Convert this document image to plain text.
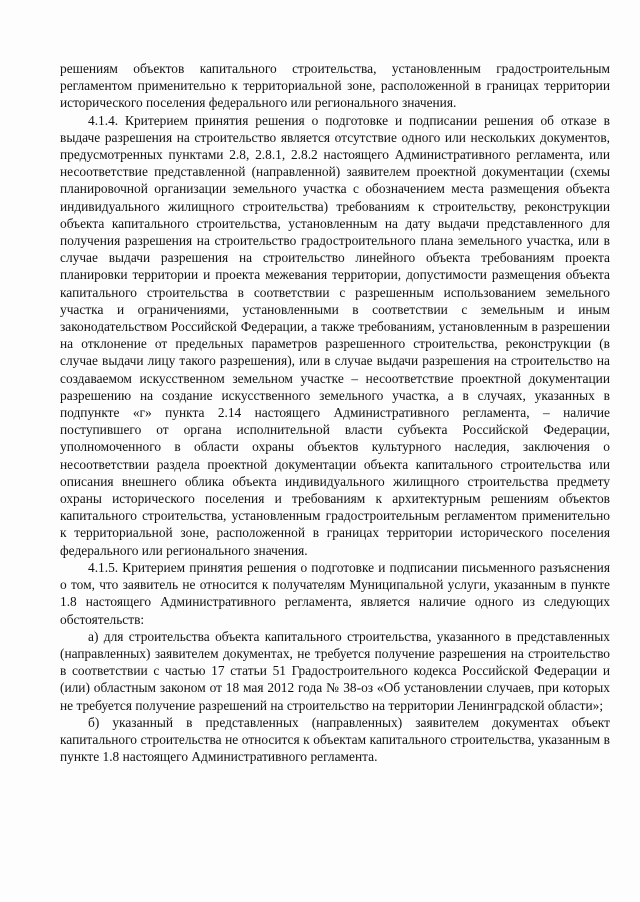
решениям объектов капитального строительства, установленным градостроительным регламентом применительно к территориальной зоне, расположенной в границах территории исторического поселения федерального или регионального значения.

4.1.4. Критерием принятия решения о подготовке и подписании решения об отказе в выдаче разрешения на строительство является отсутствие одного или нескольких документов, предусмотренных пунктами 2.8, 2.8.1, 2.8.2 настоящего Административного регламента, или несоответствие представленной (направленной) заявителем проектной документации (схемы планировочной организации земельного участка с обозначением места размещения объекта индивидуального жилищного строительства) требованиям к строительству, реконструкции объекта капитального строительства, установленным на дату выдачи представленного для получения разрешения на строительство градостроительного плана земельного участка, или в случае выдачи разрешения на строительство линейного объекта требованиям проекта планировки территории и проекта межевания территории, допустимости размещения объекта капитального строительства в соответствии с разрешенным использованием земельного участка и ограничениями, установленными в соответствии с земельным и иным законодательством Российской Федерации, а также требованиям, установленным в разрешении на отклонение от предельных параметров разрешенного строительства, реконструкции (в случае выдачи лицу такого разрешения), или в случае выдачи разрешения на строительство на создаваемом искусственном земельном участке – несоответствие проектной документации разрешению на создание искусственного земельного участка, а в случаях, указанных в подпункте «г» пункта 2.14 настоящего Административного регламента, – наличие поступившего от органа исполнительной власти субъекта Российской Федерации, уполномоченного в области охраны объектов культурного наследия, заключения о несоответствии раздела проектной документации объекта капитального строительства или описания внешнего облика объекта индивидуального жилищного строительства предмету охраны исторического поселения и требованиям к архитектурным решениям объектов капитального строительства, установленным градостроительным регламентом применительно к территориальной зоне, расположенной в границах территории исторического поселения федерального или регионального значения.

4.1.5. Критерием принятия решения о подготовке и подписании письменного разъяснения о том, что заявитель не относится к получателям Муниципальной услуги, указанным в пункте 1.8 настоящего Административного регламента, является наличие одного из следующих обстоятельств:

а) для строительства объекта капитального строительства, указанного в представленных (направленных) заявителем документах, не требуется получение разрешения на строительство в соответствии с частью 17 статьи 51 Градостроительного кодекса Российской Федерации и (или) областным законом от 18 мая 2012 года № 38-оз «Об установлении случаев, при которых не требуется получение разрешений на строительство на территории Ленинградской области»;

б) указанный в представленных (направленных) заявителем документах объект капитального строительства не относится к объектам капитального строительства, указанным в пункте 1.8 настоящего Административного регламента.
